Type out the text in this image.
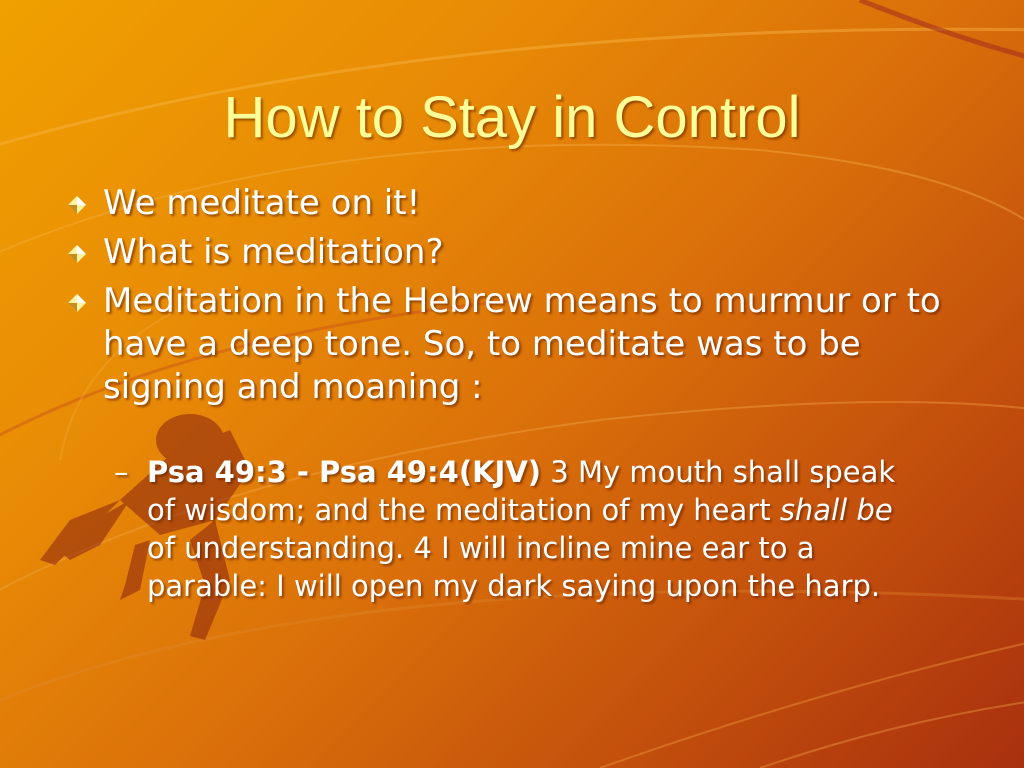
How to Stay in Control
We meditate on it!
What is meditation?
Meditation in the Hebrew means to murmur or to have a deep tone. So, to meditate was to be signing and moaning :
– Psa 49:3 - Psa 49:4(KJV) 3 My mouth shall speak of wisdom; and the meditation of my heart shall be of understanding. 4 I will incline mine ear to a parable: I will open my dark saying upon the harp.
